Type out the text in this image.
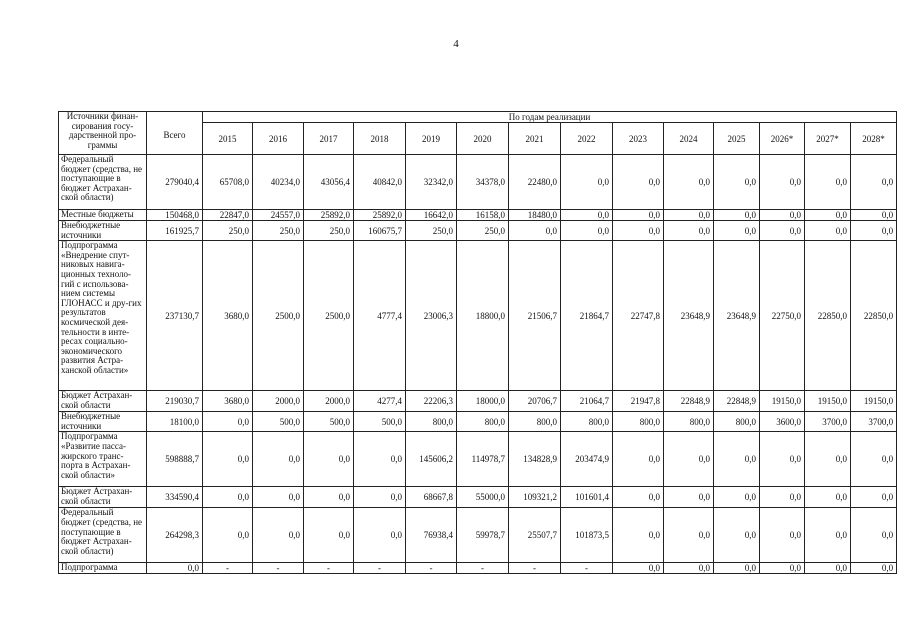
4
Источники финан-сирования госу-дарственной про-граммы	Всего	По годам реализации													
		2015	2016	2017	2018	2019	2020	2021	2022	2023	2024	2025	2026*	2027*	2028*
Федеральный бюджет (средства, не поступающие в бюджет Астрахан-ской области)	279040,4	65708,0	40234,0	43056,4	40842,0	32342,0	34378,0	22480,0	0,0	0,0	0,0	0,0	0,0	0,0	0,0
Местные бюджеты	150468,0	22847,0	24557,0	25892,0	25892,0	16642,0	16158,0	18480,0	0,0	0,0	0,0	0,0	0,0	0,0	0,0
Внебюджетные источники	161925,7	250,0	250,0	250,0	160675,7	250,0	250,0	0,0	0,0	0,0	0,0	0,0	0,0	0,0	0,0
Подпрограмма «Внедрение спут-никовых навига-ционных техноло-гий с использова-нием системы ГЛОНАСС и дру-гих результатов космической дея-тельности в инте-ресах социально-экономического развития Астра-ханской области»	237130,7	3680,0	2500,0	2500,0	4777,4	23006,3	18800,0	21506,7	21864,7	22747,8	23648,9	23648,9	22750,0	22850,0	22850,0
Бюджет Астрахан-ской области	219030,7	3680,0	2000,0	2000,0	4277,4	22206,3	18000,0	20706,7	21064,7	21947,8	22848,9	22848,9	19150,0	19150,0	19150,0
Внебюджетные источники	18100,0	0,0	500,0	500,0	500,0	800,0	800,0	800,0	800,0	800,0	800,0	800,0	3600,0	3700,0	3700,0
Подпрограмма «Развитие пасса-жирского транс-порта в Астрахан-ской области»	598888,7	0,0	0,0	0,0	0,0	145606,2	114978,7	134828,9	203474,9	0,0	0,0	0,0	0,0	0,0	0,0
Бюджет Астрахан-ской области	334590,4	0,0	0,0	0,0	0,0	68667,8	55000,0	109321,2	101601,4	0,0	0,0	0,0	0,0	0,0	0,0
Федеральный бюджет (средства, не поступающие в бюджет Астрахан-ской области)	264298,3	0,0	0,0	0,0	0,0	76938,4	59978,7	25507,7	101873,5	0,0	0,0	0,0	0,0	0,0	0,0
Подпрограмма	0,0	-	-	-	-	-	-	-	-	0,0	0,0	0,0	0,0	0,0	0,0
